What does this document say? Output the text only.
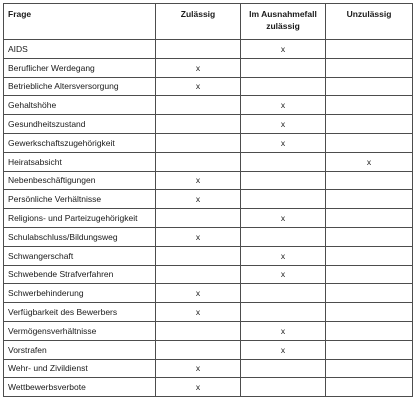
Frage	Zulässig	Im Ausnahmefall zulässig	Unzulässig
AIDS		x	
Beruflicher Werdegang	x		
Betriebliche Altersversorgung	x		
Gehaltshöhe		x	
Gesundheitszustand		x	
Gewerkschaftszugehörigkeit		x	
Heiratsabsicht			x
Nebenbeschäftigungen	x		
Persönliche Verhältnisse	x		
Religions- und Parteizugehörigkeit		x	
Schulabschluss/Bildungsweg	x		
Schwangerschaft		x	
Schwebende Strafverfahren		x	
Schwerbehinderung	x		
Verfügbarkeit des Bewerbers	x		
Vermögensverhältnisse		x	
Vorstrafen		x	
Wehr- und Zivildienst	x		
Wettbewerbsverbote	x		
